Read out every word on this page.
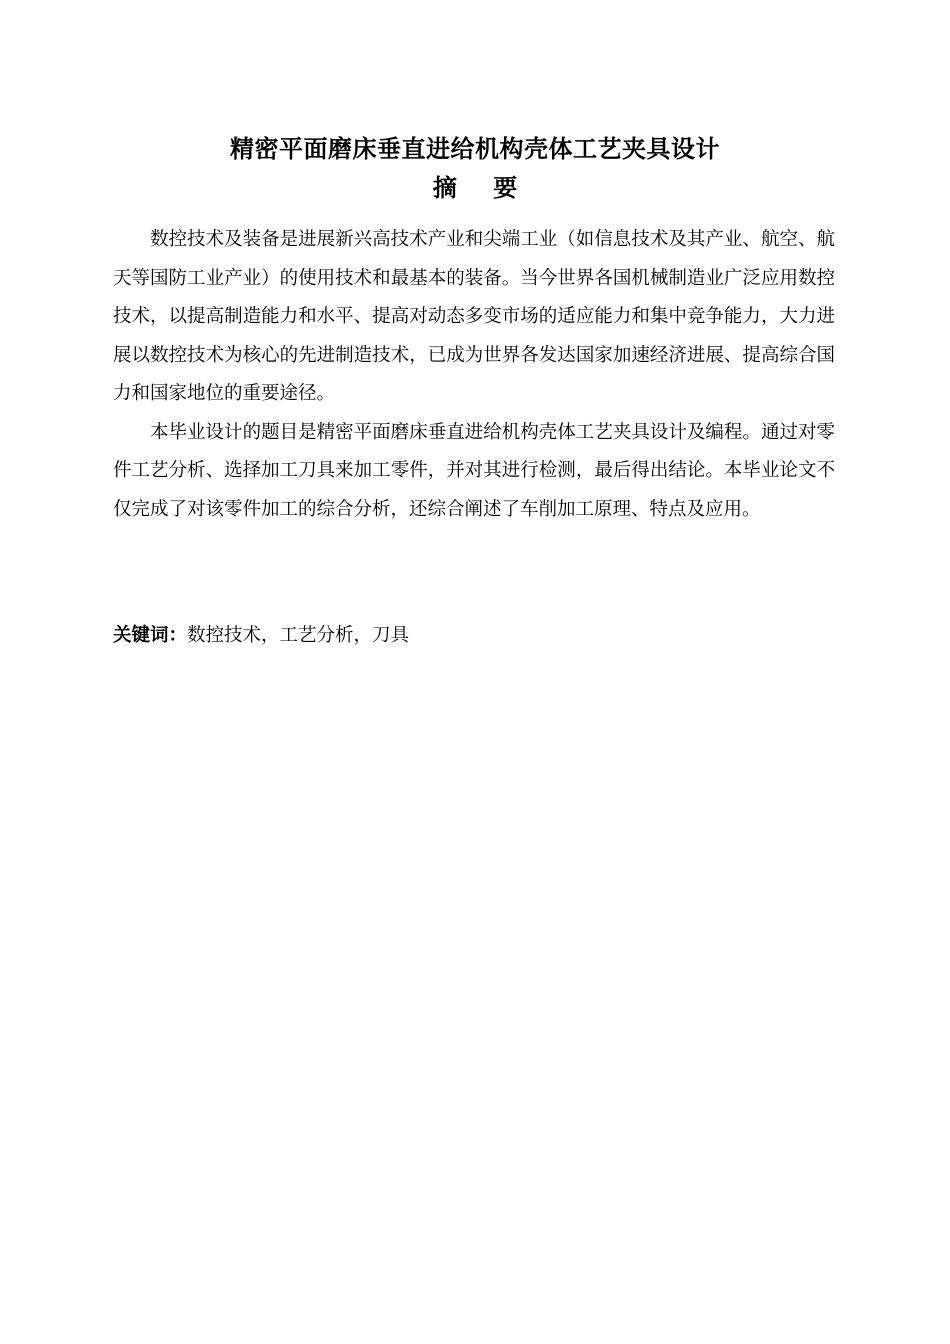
精密平面磨床垂直进给机构壳体工艺夹具设计
摘 要

数控技术及装备是进展新兴高技术产业和尖端工业（如信息技术及其产业、航空、航天等国防工业产业）的使用技术和最基本的装备。当今世界各国机械制造业广泛应用数控技术，以提高制造能力和水平、提高对动态多变市场的适应能力和集中竞争能力，大力进展以数控技术为核心的先进制造技术，已成为世界各发达国家加速经济进展、提高综合国力和国家地位的重要途径。

本毕业设计的题目是精密平面磨床垂直进给机构壳体工艺夹具设计及编程。通过对零件工艺分析、选择加工刀具来加工零件，并对其进行检测，最后得出结论。本毕业论文不仅完成了对该零件加工的综合分析，还综合阐述了车削加工原理、特点及应用。

关键词：数控技术，工艺分析，刀具
